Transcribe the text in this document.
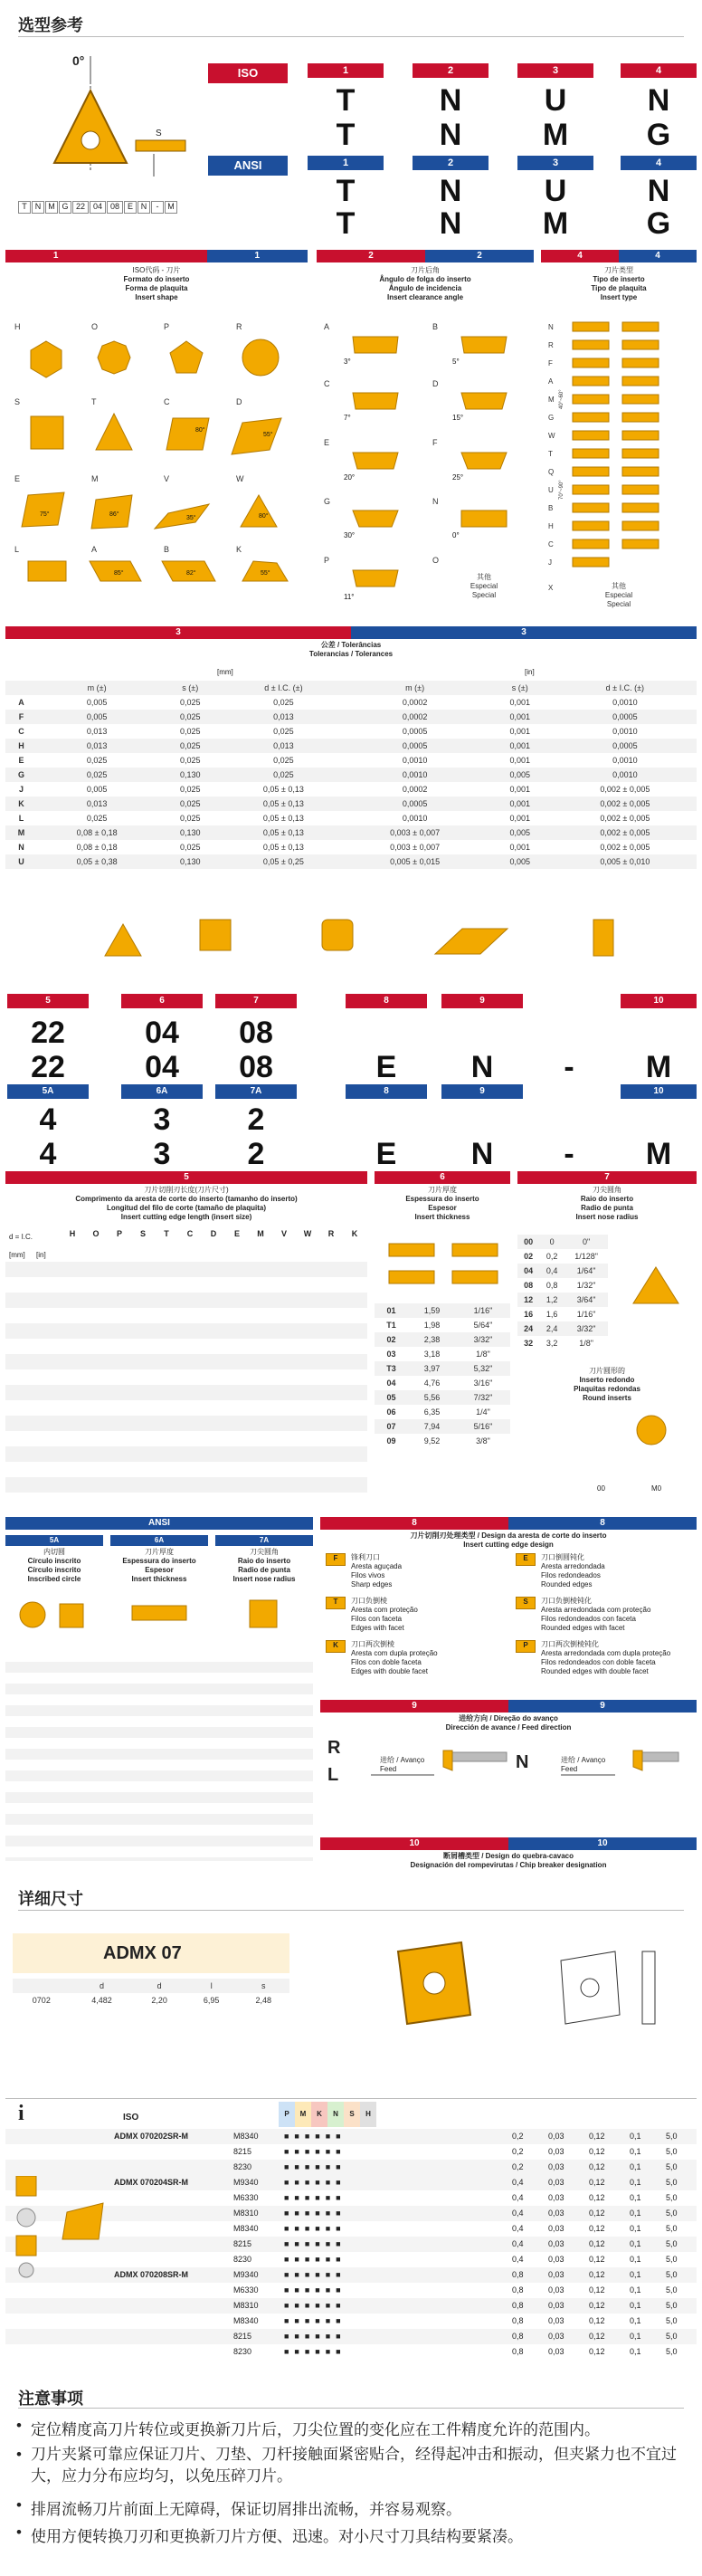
选型参考
S
0°
T	N M G 22 04 08 E N	-	M
ISO	1	2	3	4
T	N	U	N
T	N	M	G
ANSI	1	2	3	4
T	N	U	N
T	N	M	G
1	1	2	2	4	4
ISO代码 - 刀片
Formato do inserto
Forma de plaquita
Insert shape
刀片后角
Ângulo de folga do inserto
Ángulo de incidencia
Insert clearance angle
刀片类型
Tipo de inserto
Tipo de plaquita
Insert type
H	O	P	R
S	T	C	D
E	M	V	W
L	A	B	K
80°
55°
75°	86°
35°	80°
85°	82°	55°
A	B
C	D
E	F
G	N
P	O
3°	5°
7°	15°
20°	25°
30°	0°
11°
其他
Especial
Special
N
R
F
A
M
G
W
T
Q
U
B
H
C
J
X
40°~60°
70°~90°
其他
Especial
Special
3	3
公差 / Tolerâncias
Tolerancias / Tolerances
[mm]	[in]
	m (±)	s (±)	d ± I.C. (±)	m (±)	s (±)	d ± I.C. (±)
A	0,005	0,025	0,025	0,0002	0,001	0,0010
F	0,005	0,025	0,013	0,0002	0,001	0,0005
C	0,013	0,025	0,025	0,0005	0,001	0,0010
H	0,013	0,025	0,013	0,0005	0,001	0,0005
E	0,025	0,025	0,025	0,0010	0,001	0,0010
G	0,025	0,130	0,025	0,0010	0,005	0,0010
J	0,005	0,025	0,05 ± 0,13	0,0002	0,001	0,002 ± 0,005
K	0,013	0,025	0,05 ± 0,13	0,0005	0,001	0,002 ± 0,005
L	0,025	0,025	0,05 ± 0,13	0,0010	0,001	0,002 ± 0,005
M	0,08 ± 0,18	0,130	0,05 ± 0,13	0,003 ± 0,007	0,005	0,002 ± 0,005
N	0,08 ± 0,18	0,025	0,05 ± 0,13	0,003 ± 0,007	0,001	0,002 ± 0,005
U	0,05 ± 0,38	0,130	0,05 ± 0,25	0,005 ± 0,015	0,005	0,005 ± 0,010
5	6	7	8	9	10
22	04	08
22	04	08	E	N	-	M
5A	6A	7A	8	9	10
4	3	2
4	3	2	E	N	-	M
5	6	7
刀片切削刃长度(刀片尺寸)
Comprimento da aresta de corte do inserto (tamanho do inserto)
Longitud del filo de corte (tamaño de plaquita)
Insert cutting edge length (insert size)
刀片厚度
Espessura do inserto
Espesor
Insert thickness
刀尖圆角
Raio do inserto
Radio de punta
Insert nose radius
d = I.C.	H	O	P	S	T	C	D	E	M	V	W	R	K
[mm] [in]
01	1,59	1/16"
T1	1,98	5/64"
02	2,38	3/32"
03	3,18	1/8"
T3	3,97	5,32"
04	4,76	3/16"
05	5,56	7/32"
06	6,35	1/4"
07	7,94	5/16"
09	9,52	3/8"
00	0	0"
02	0,2	1/128"
04	0,4	1/64"
08	0,8	1/32"
12	1,2	3/64"
16	1,6	1/16"
24	2,4	3/32"
32	3,2	1/8"
刀片圆形的
Inserto redondo
Plaquitas redondas
Round inserts
00	M0
ANSI
5A	6A	7A
内切圆
Círculo inscrito
Círculo inscrito
Inscribed circle
刀片厚度
Espessura do inserto
Espesor
Insert thickness
刀尖圆角
Raio do inserto
Radio de punta
Insert nose radius
8	8
刀片切削刃处理类型 / Design da aresta de corte do inserto
Insert cutting edge design
F	锋利刀口
Aresta aguçada
Filos vivos
Sharp edges
E	刀口倒圆钝化
Aresta arredondada
Filos redondeados
Rounded edges
T	刀口负倒棱
Aresta com proteção
Filos con faceta
Edges with facet
S	刀口负倒棱钝化
Aresta arredondada com proteção
Filos redondeados con faceta
Rounded edges with facet
K	刀口两次倒棱
Aresta com dupla proteção
Filos con doble faceta
Edges with double facet
P	刀口两次倒棱钝化
Aresta arredondada com dupla proteção
Filos redondeados con doble faceta
Rounded edges with double facet
9	9
进给方向 / Direção do avanço
Dirección de avance / Feed direction
R
L
N
进给 / Avanço
Feed
进给 / Avanço
Feed
10	10
断屑槽类型 / Design do quebra-cavaco
Designación del rompevirutas / Chip breaker designation
详细尺寸
ADMX 07
	d	d	l	s
0702	4,482	2,20	6,95	2,48
i	ISO	P	M	K	N	S	H
ADMX 070202SR-M	M8340	■■■■■■	0,2	0,03	0,12	0,1	5,0
8215	■■■■■■	0,2	0,03	0,12	0,1	5,0
8230	■■■■■■	0,2	0,03	0,12	0,1	5,0
ADMX 070204SR-M	M9340	■■■■■■	0,4	0,03	0,12	0,1	5,0
M6330	■■■■■■	0,4	0,03	0,12	0,1	5,0
M8310	■■■■■■	0,4	0,03	0,12	0,1	5,0
M8340	■■■■■■	0,4	0,03	0,12	0,1	5,0
8215	■■■■■■	0,4	0,03	0,12	0,1	5,0
8230	■■■■■■	0,4	0,03	0,12	0,1	5,0
ADMX 070208SR-M	M9340	■■■■■■	0,8	0,03	0,12	0,1	5,0
M6330	■■■■■■	0,8	0,03	0,12	0,1	5,0
M8310	■■■■■■	0,8	0,03	0,12	0,1	5,0
M8340	■■■■■■	0,8	0,03	0,12	0,1	5,0
8215	■■■■■■	0,8	0,03	0,12	0,1	5,0
8230	■■■■■■	0,8	0,03	0,12	0,1	5,0
注意事项
• 定位精度高刀片转位或更换新刀片后，刀尖位置的变化应在工件精度允许的范围内。
• 刀片夹紧可靠应保证刀片、刀垫、刀杆接触面紧密贴合，经得起冲击和振动，但夹紧力也不宜过大，应力分布应均匀，以免压碎刀片。
• 排屑流畅刀片前面上无障碍，保证切屑排出流畅，并容易观察。
• 使用方便转换刀刃和更换新刀片方便、迅速。对小尺寸刀具结构要紧凑。
